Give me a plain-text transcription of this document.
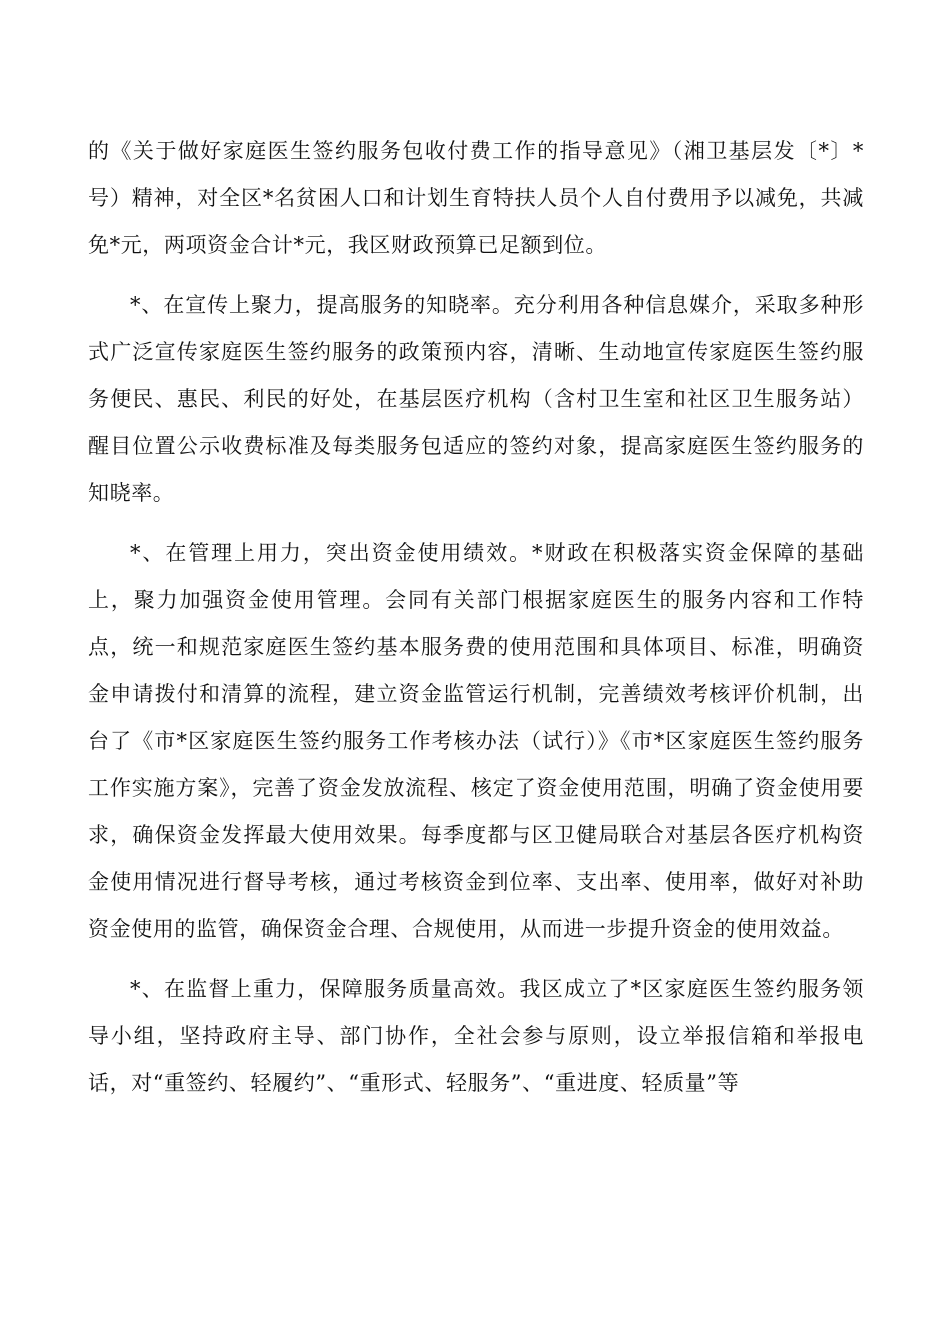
的《关于做好家庭医生签约服务包收付费工作的指导意见》（湘卫基层发〔*〕*号）精神，对全区*名贫困人口和计划生育特扶人员个人自付费用予以减免，共减免*元，两项资金合计*元，我区财政预算已足额到位。

*、在宣传上聚力，提高服务的知晓率。充分利用各种信息媒介，采取多种形式广泛宣传家庭医生签约服务的政策预内容，清晰、生动地宣传家庭医生签约服务便民、惠民、利民的好处，在基层医疗机构（含村卫生室和社区卫生服务站）醒目位置公示收费标准及每类服务包适应的签约对象，提高家庭医生签约服务的知晓率。

*、在管理上用力，突出资金使用绩效。*财政在积极落实资金保障的基础上，聚力加强资金使用管理。会同有关部门根据家庭医生的服务内容和工作特点，统一和规范家庭医生签约基本服务费的使用范围和具体项目、标准，明确资金申请拨付和清算的流程，建立资金监管运行机制，完善绩效考核评价机制，出台了《市*区家庭医生签约服务工作考核办法（试行）》《市*区家庭医生签约服务工作实施方案》，完善了资金发放流程、核定了资金使用范围，明确了资金使用要求，确保资金发挥最大使用效果。每季度都与区卫健局联合对基层各医疗机构资金使用情况进行督导考核，通过考核资金到位率、支出率、使用率，做好对补助资金使用的监管，确保资金合理、合规使用，从而进一步提升资金的使用效益。

*、在监督上重力，保障服务质量高效。我区成立了*区家庭医生签约服务领导小组，坚持政府主导、部门协作，全社会参与原则，设立举报信箱和举报电话，对“重签约、轻履约”、“重形式、轻服务”、“重进度、轻质量”等
